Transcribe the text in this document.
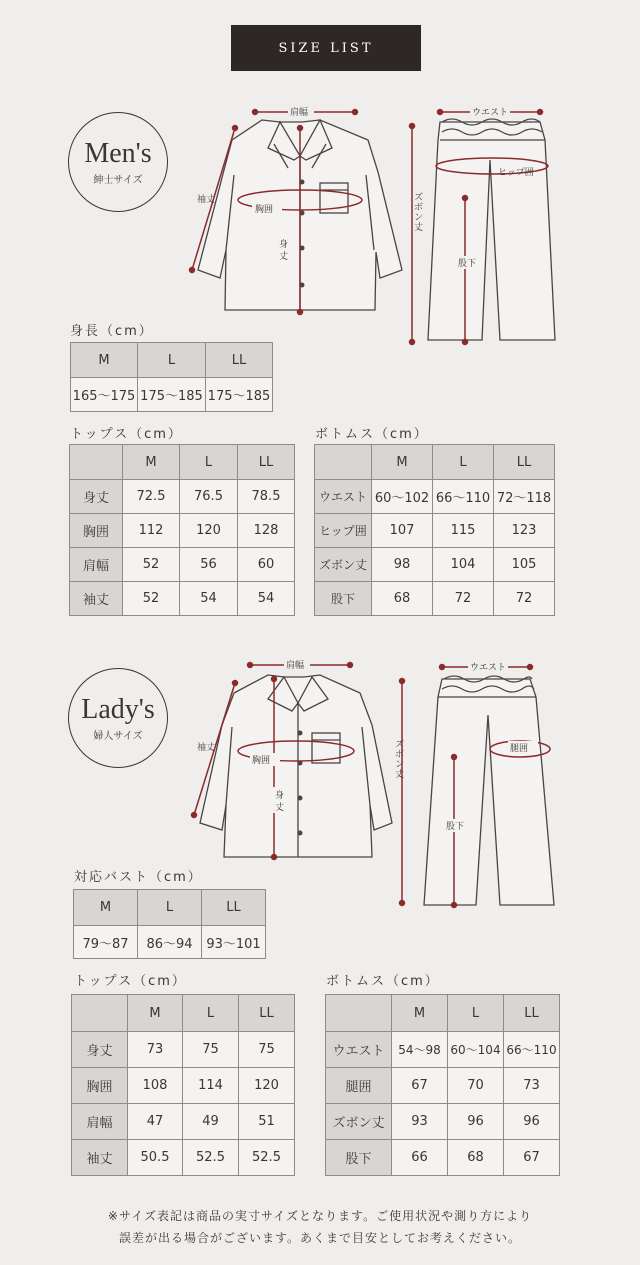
SIZE LIST
Men's
紳士サイズ
肩幅
袖丈
胸囲
身
丈
ウエスト
ヒップ囲
ズ
ボ
ン
丈
股下
身長（cm）
M	L	LL
165〜175	175〜185	175〜185
トップス（cm）
	M	L	LL
身丈	72.5	76.5	78.5
胸囲	112	120	128
肩幅	52	56	60
袖丈	52	54	54
ボトムス（cm）
	M	L	LL
ウエスト	60〜102	66〜110	72〜118
ヒップ囲	107	115	123
ズボン丈	98	104	105
股下	68	72	72
Lady's
婦人サイズ
肩幅
袖丈
胸囲
身
丈
ウエスト
腿囲
ズ
ボ
ン
丈
股下
対応バスト（cm）
M	L	LL
79〜87	86〜94	93〜101
トップス（cm）
	M	L	LL
身丈	73	75	75
胸囲	108	114	120
肩幅	47	49	51
袖丈	50.5	52.5	52.5
ボトムス（cm）
	M	L	LL
ウエスト	54〜98	60〜104	66〜110
腿囲	67	70	73
ズボン丈	93	96	96
股下	66	68	67
※サイズ表記は商品の実寸サイズとなります。ご使用状況や測り方により
誤差が出る場合がございます。あくまで目安としてお考えください。
